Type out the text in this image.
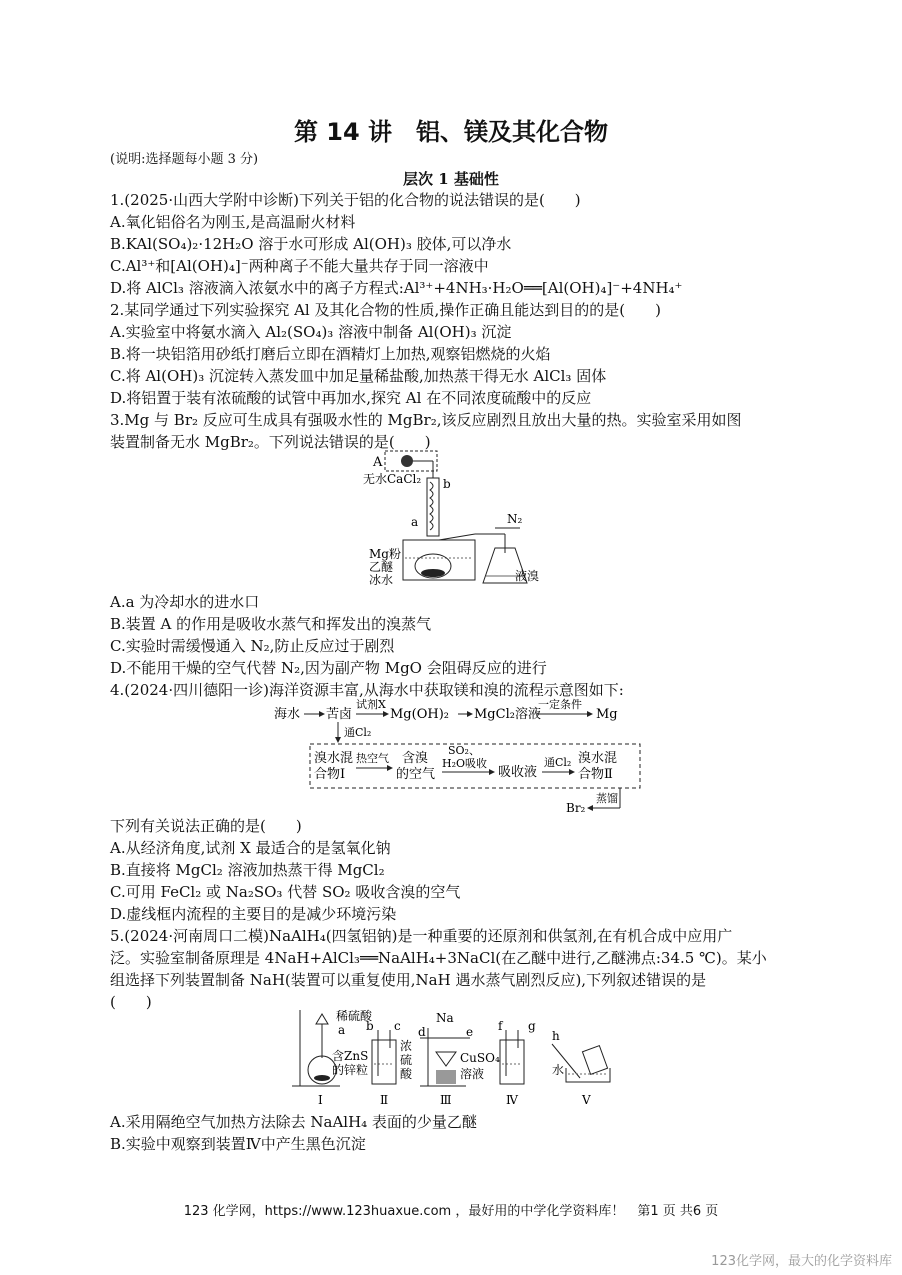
第 14 讲　铝、镁及其化合物
(说明:选择题每小题 3 分)
层次 1 基础性
1.(2025·山西大学附中诊断)下列关于铝的化合物的说法错误的是(　　)
A.氧化铝俗名为刚玉,是高温耐火材料
B.KAl(SO₄)₂·12H₂O 溶于水可形成 Al(OH)₃ 胶体,可以净水
C.Al³⁺和[Al(OH)₄]⁻两种离子不能大量共存于同一溶液中
D.将 AlCl₃ 溶液滴入浓氨水中的离子方程式:Al³⁺+4NH₃·H₂O══[Al(OH)₄]⁻+4NH₄⁺
2.某同学通过下列实验探究 Al 及其化合物的性质,操作正确且能达到目的的是(　　)
A.实验室中将氨水滴入 Al₂(SO₄)₃ 溶液中制备 Al(OH)₃ 沉淀
B.将一块铝箔用砂纸打磨后立即在酒精灯上加热,观察铝燃烧的火焰
C.将 Al(OH)₃ 沉淀转入蒸发皿中加足量稀盐酸,加热蒸干得无水 AlCl₃ 固体
D.将铝置于装有浓硫酸的试管中再加水,探究 Al 在不同浓度硫酸中的反应
3.Mg 与 Br₂ 反应可生成具有强吸水性的 MgBr₂,该反应剧烈且放出大量的热。实验室采用如图
装置制备无水 MgBr₂。下列说法错误的是(　　)
A
无水CaCl₂ b
a	N₂
Mg粉
乙醚
冰水	液溴
A.a 为冷却水的进水口
B.装置 A 的作用是吸收水蒸气和挥发出的溴蒸气
C.实验时需缓慢通入 N₂,防止反应过于剧烈
D.不能用干燥的空气代替 N₂,因为副产物 MgO 会阻碍反应的进行
4.(2024·四川德阳一诊)海洋资源丰富,从海水中获取镁和溴的流程示意图如下:
海水 苦卤
试剂X
Mg(OH)₂ MgCl₂溶液
一定条件
Mg
通Cl₂
溴水混
合物Ⅰ
热空气 含溴
的空气
SO₂、
H₂O吸收
吸收液
通Cl₂ 溴水混
合物Ⅱ
蒸馏
Br₂
下列有关说法正确的是(　　)
A.从经济角度,试剂 X 最适合的是氢氧化钠
B.直接将 MgCl₂ 溶液加热蒸干得 MgCl₂
C.可用 FeCl₂ 或 Na₂SO₃ 代替 SO₂ 吸收含溴的空气
D.虚线框内流程的主要目的是减少环境污染
5.(2024·河南周口二模)NaAlH₄(四氢铝钠)是一种重要的还原剂和供氢剂,在有机合成中应用广
泛。实验室制备原理是 4NaH+AlCl₃══NaAlH₄+3NaCl(在乙醚中进行,乙醚沸点:34.5 ℃)。某小
组选择下列装置制备 NaH(装置可以重复使用,NaH 遇水蒸气剧烈反应),下列叙述错误的是
(　　)
稀硫酸
a
含ZnS
的锌粒
Ⅰ
b c
浓
硫
酸
Ⅱ
Na
d	e
Ⅲ
CuSO₄
溶液
f g
Ⅳ
h
水
Ⅴ
A.采用隔绝空气加热方法除去 NaAlH₄ 表面的少量乙醚
B.实验中观察到装置Ⅳ中产生黑色沉淀
123 化学网，https://www.123huaxue.com ，最好用的中学化学资料库！　第1 页 共6 页
123化学网，最大的化学资料库
